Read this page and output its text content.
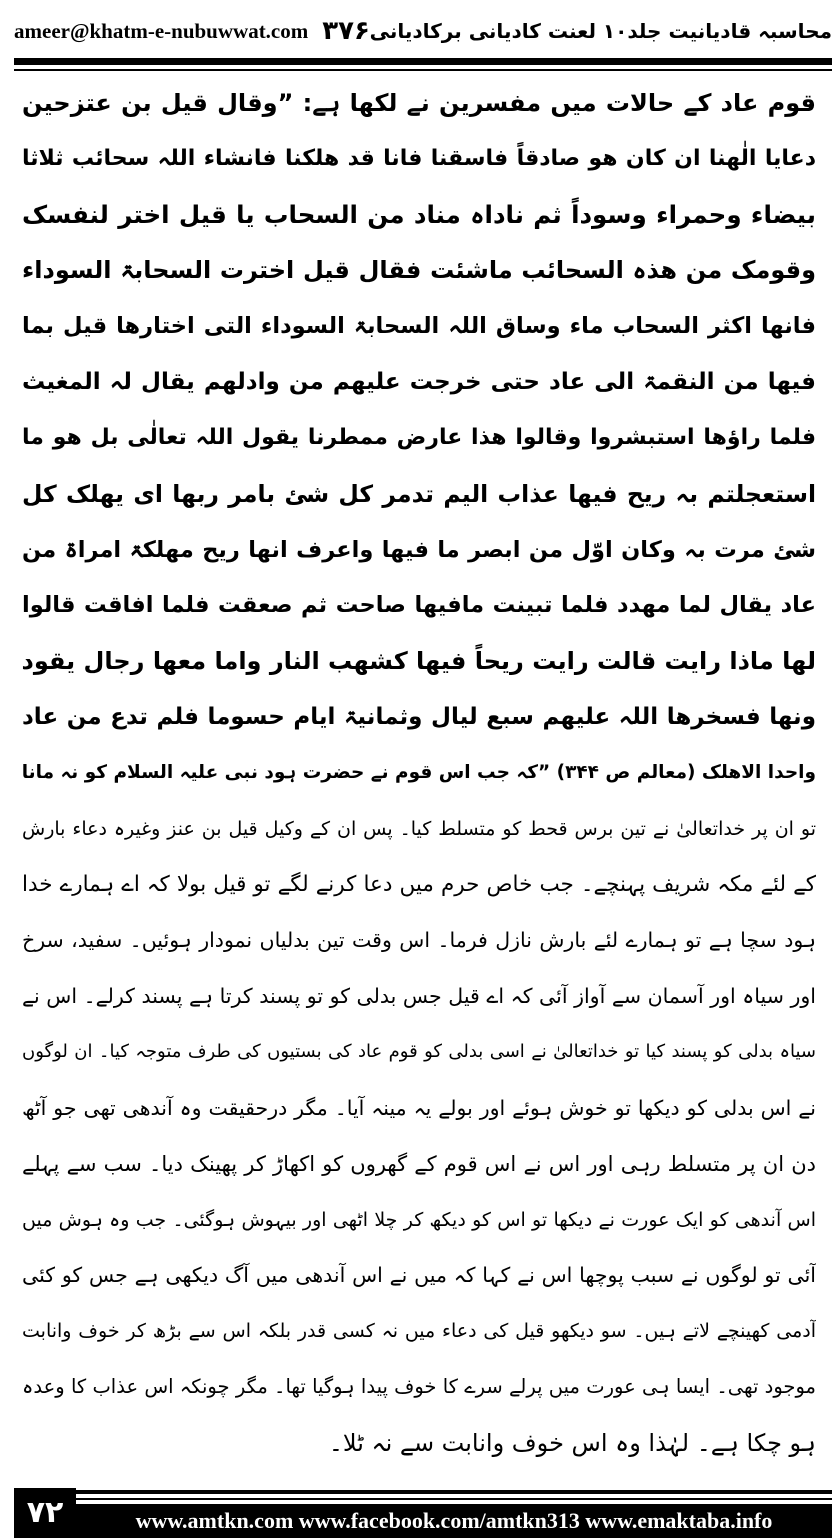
ameer@khatm-e-nubuwwat.com ۳۷۶ محاسبہ قادیانیت جلد۱۰ لعنت کادیانی برکادیانی
قوم عاد کے حالات میں مفسرین نے لکھا ہے: ”وقال قیل بن عتزحین
دعایا الٰھنا ان کان ھو صادقاً فاسقنا فانا قد ھلکنا فانشاء اللہ سحائب ثلاثا
بیضاء وحمراء وسوداً ثم ناداہ مناد من السحاب یا قیل اختر لنفسک
وقومک من ھذہ السحائب ماشئت فقال قیل اخترت السحابۃ السوداء
فانھا اکثر السحاب ماء وساق اللہ السحابۃ السوداء التی اختارھا قیل بما
فیھا من النقمۃ الی عاد حتی خرجت علیھم من وادلھم یقال لہ المغیث
فلما راؤھا استبشروا وقالوا ھذا عارض ممطرنا یقول اللہ تعالٰی بل ھو ما
استعجلتم بہ ریح فیھا عذاب الیم تدمر کل شئ بامر ربھا ای یھلک کل
شئ مرت بہ وکان اوّل من ابصر ما فیھا واعرف انھا ریح مھلکۃ امراۃ من
عاد یقال لما مھدد فلما تبینت مافیھا صاحت ثم صعقت فلما افاقت قالوا
لھا ماذا رایت قالت رایت ریحاً فیھا کشھب النار واما معھا رجال یقود
ونھا فسخرھا اللہ علیھم سبع لیال وثمانیۃ ایام حسوما فلم تدع من عاد
واحدا الاھلک (معالم ص ۳۴۴) ”کہ جب اس قوم نے حضرت ہود نبی علیہ السلام کو نہ مانا
تو ان پر خداتعالیٰ نے تین برس قحط کو متسلط کیا۔ پس ان کے وکیل قیل بن عنز وغیرہ دعاء بارش
کے لئے مکہ شریف پہنچے۔ جب خاص حرم میں دعا کرنے لگے تو قیل بولا کہ اے ہمارے خدا
ہود سچا ہے تو ہمارے لئے بارش نازل فرما۔ اس وقت تین بدلیاں نمودار ہوئیں۔ سفید، سرخ
اور سیاہ اور آسمان سے آواز آئی کہ اے قیل جس بدلی کو تو پسند کرتا ہے پسند کرلے۔ اس نے
سیاہ بدلی کو پسند کیا تو خداتعالیٰ نے اسی بدلی کو قوم عاد کی بستیوں کی طرف متوجہ کیا۔ ان لوگوں
نے اس بدلی کو دیکھا تو خوش ہوئے اور بولے یہ مینہ آیا۔ مگر درحقیقت وہ آندھی تھی جو آٹھ
دن ان پر متسلط رہی اور اس نے اس قوم کے گھروں کو اکھاڑ کر پھینک دیا۔ سب سے پہلے
اس آندھی کو ایک عورت نے دیکھا تو اس کو دیکھ کر چلا اٹھی اور بیہوش ہوگئی۔ جب وہ ہوش میں
آئی تو لوگوں نے سبب پوچھا اس نے کہا کہ میں نے اس آندھی میں آگ دیکھی ہے جس کو کئی
آدمی کھینچے لاتے ہیں۔ سو دیکھو قیل کی دعاء میں نہ کسی قدر بلکہ اس سے بڑھ کر خوف وانابت
موجود تھی۔ ایسا ہی عورت میں پرلے سرے کا خوف پیدا ہوگیا تھا۔ مگر چونکہ اس عذاب کا وعدہ
ہو چکا ہے۔ لہٰذا وہ اس خوف وانابت سے نہ ٹلا۔
۷۲	www.amtkn.com www.facebook.com/amtkn313 www.emaktaba.info
